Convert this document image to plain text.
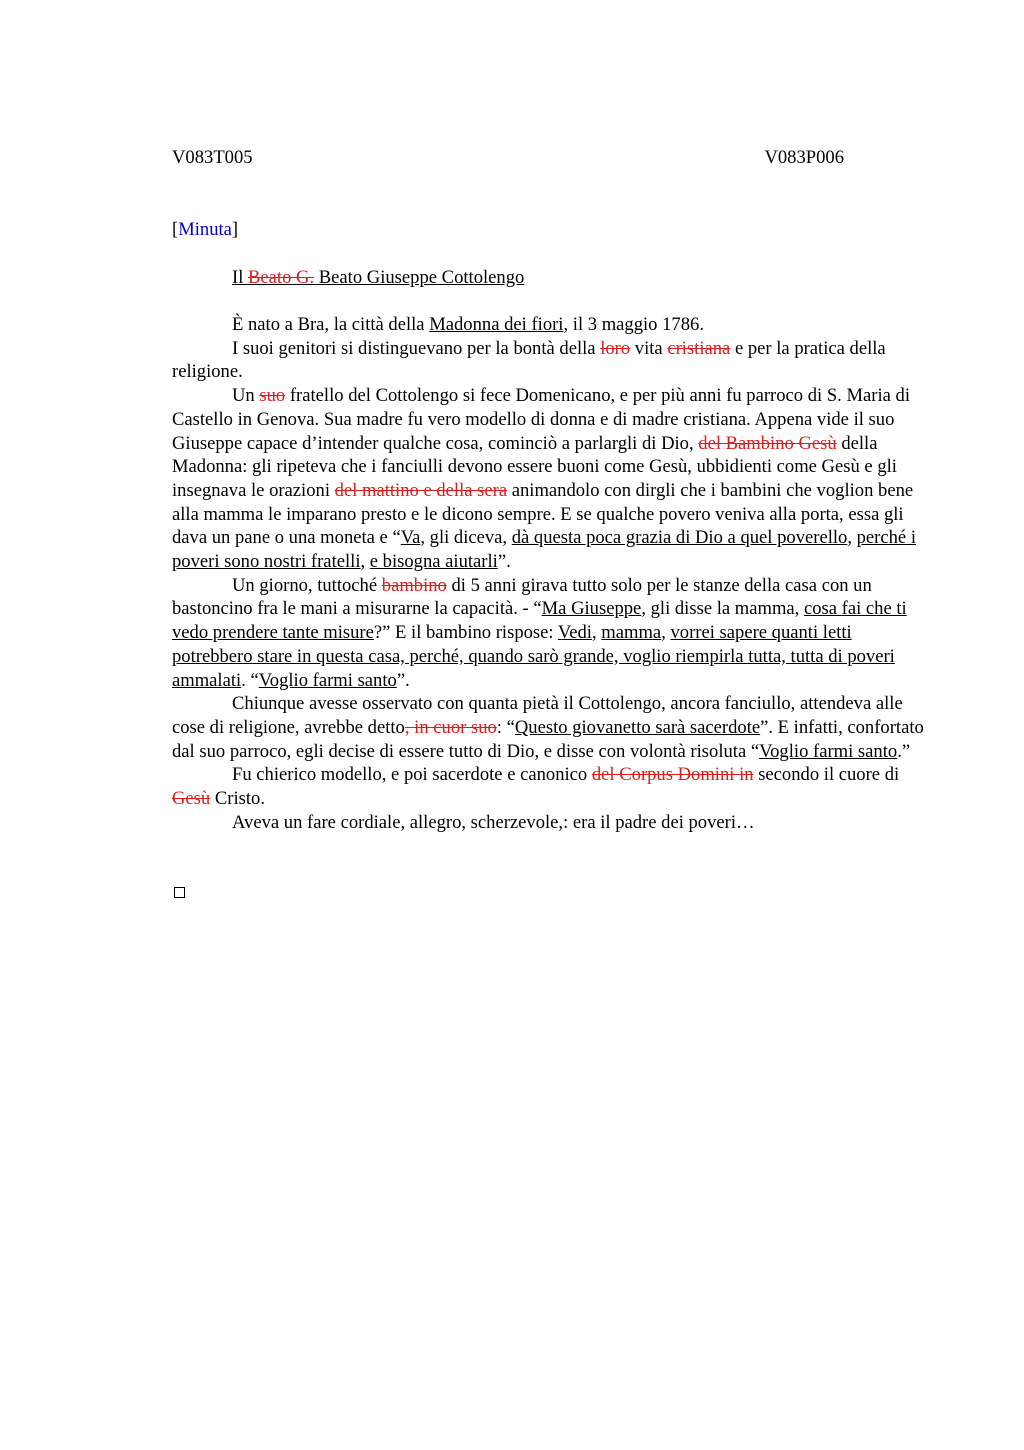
V083T005	V083P006
[Minuta]
Il Beato G. Beato Giuseppe Cottolengo

È nato a Bra, la città della Madonna dei fiori, il 3 maggio 1786.

I suoi genitori si distinguevano per la bontà della loro vita cristiana e per la pratica della religione.

Un suo fratello del Cottolengo si fece Domenicano, e per più anni fu parroco di S. Maria di Castello in Genova. Sua madre fu vero modello di donna e di madre cristiana. Appena vide il suo Giuseppe capace d’intender qualche cosa, cominciò a parlargli di Dio, del Bambino Gesù della Madonna: gli ripeteva che i fanciulli devono essere buoni come Gesù, ubbidienti come Gesù e gli insegnava le orazioni del mattino e della sera animandolo con dirgli che i bambini che voglion bene alla mamma le imparano presto e le dicono sempre. E se qualche povero veniva alla porta, essa gli dava un pane o una moneta e “Va, gli diceva, dà questa poca grazia di Dio a quel poverello, perché i poveri sono nostri fratelli, e bisogna aiutarli”.

Un giorno, tuttoché bambino di 5 anni girava tutto solo per le stanze della casa con un bastoncino fra le mani a misurarne la capacità. - “Ma Giuseppe, gli disse la mamma, cosa fai che ti vedo prendere tante misure?” E il bambino rispose: Vedi, mamma, vorrei sapere quanti letti potrebbero stare in questa casa, perché, quando sarò grande, voglio riempirla tutta, tutta di poveri ammalati. “Voglio farmi santo”.

Chiunque avesse osservato con quanta pietà il Cottolengo, ancora fanciullo, attendeva alle cose di religione, avrebbe detto, in cuor suo: “Questo giovanetto sarà sacerdote”. E infatti, confortato dal suo parroco, egli decise di essere tutto di Dio, e disse con volontà risoluta “Voglio farmi santo.”

Fu chierico modello, e poi sacerdote e canonico del Corpus Domini in secondo il cuore di Gesù Cristo.

Aveva un fare cordiale, allegro, scherzevole,: era il padre dei poveri…
